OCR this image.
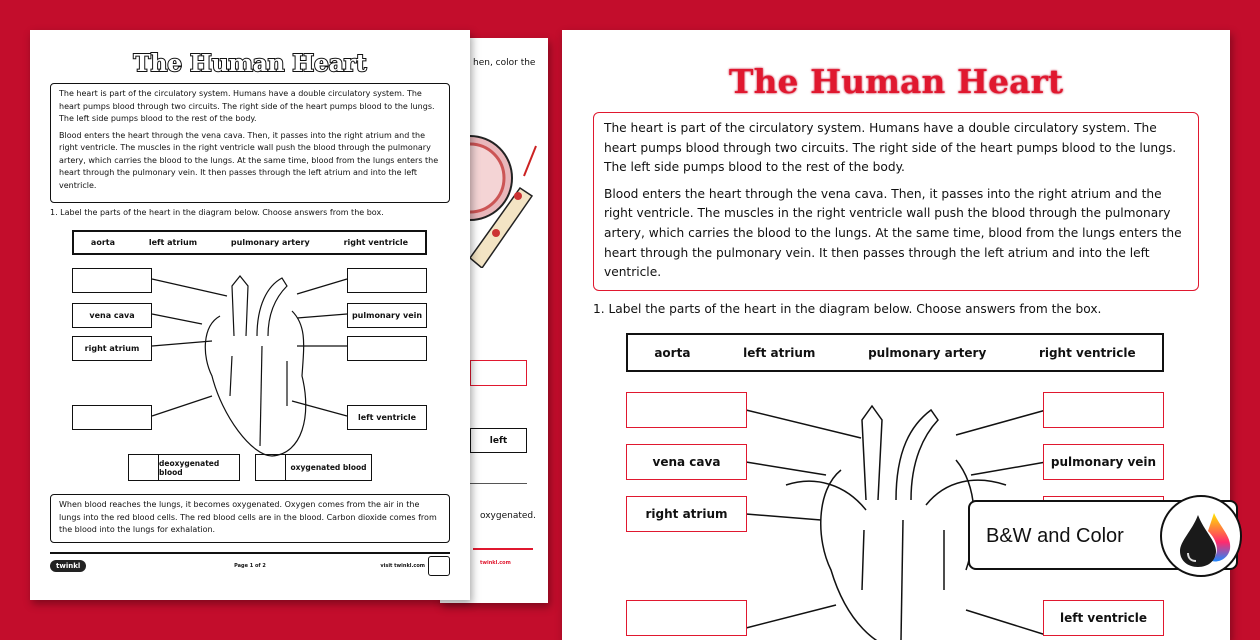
hen, color the
left
oxygenated.
twinkl.com
The Human Heart

The heart is part of the circulatory system. Humans have a double circulatory system. The heart pumps blood through two circuits. The right side of the heart pumps blood to the lungs. The left side pumps blood to the rest of the body.

Blood enters the heart through the vena cava. Then, it passes into the right atrium and the right ventricle. The muscles in the right ventricle wall push the blood through the pulmonary artery, which carries the blood to the lungs. At the same time, blood from the lungs enters the heart through the pulmonary vein. It then passes through the left atrium and into the left ventricle.

1. Label the parts of the heart in the diagram below. Choose answers from the box.
aorta	left atrium	pulmonary artery	right ventricle
vena cava
right atrium
pulmonary vein
left ventricle
deoxygenated blood	oxygenated blood
When blood reaches the lungs, it becomes oxygenated. Oxygen comes from the air in the lungs into the red blood cells. The red blood cells are in the blood. Carbon dioxide comes from the blood into the lungs for exhalation.
twinkl	Page 1 of 2	visit twinkl.com
The Human Heart

The heart is part of the circulatory system. Humans have a double circulatory system. The heart pumps blood through two circuits. The right side of the heart pumps blood to the lungs. The left side pumps blood to the rest of the body.

Blood enters the heart through the vena cava. Then, it passes into the right atrium and the right ventricle. The muscles in the right ventricle wall push the blood through the pulmonary artery, which carries the blood to the lungs. At the same time, blood from the lungs enters the heart through the pulmonary vein. It then passes through the left atrium and into the left ventricle.

1. Label the parts of the heart in the diagram below. Choose answers from the box.
aorta	left atrium	pulmonary artery	right ventricle
vena cava
right atrium
pulmonary vein
left ventricle
B&W and Color
